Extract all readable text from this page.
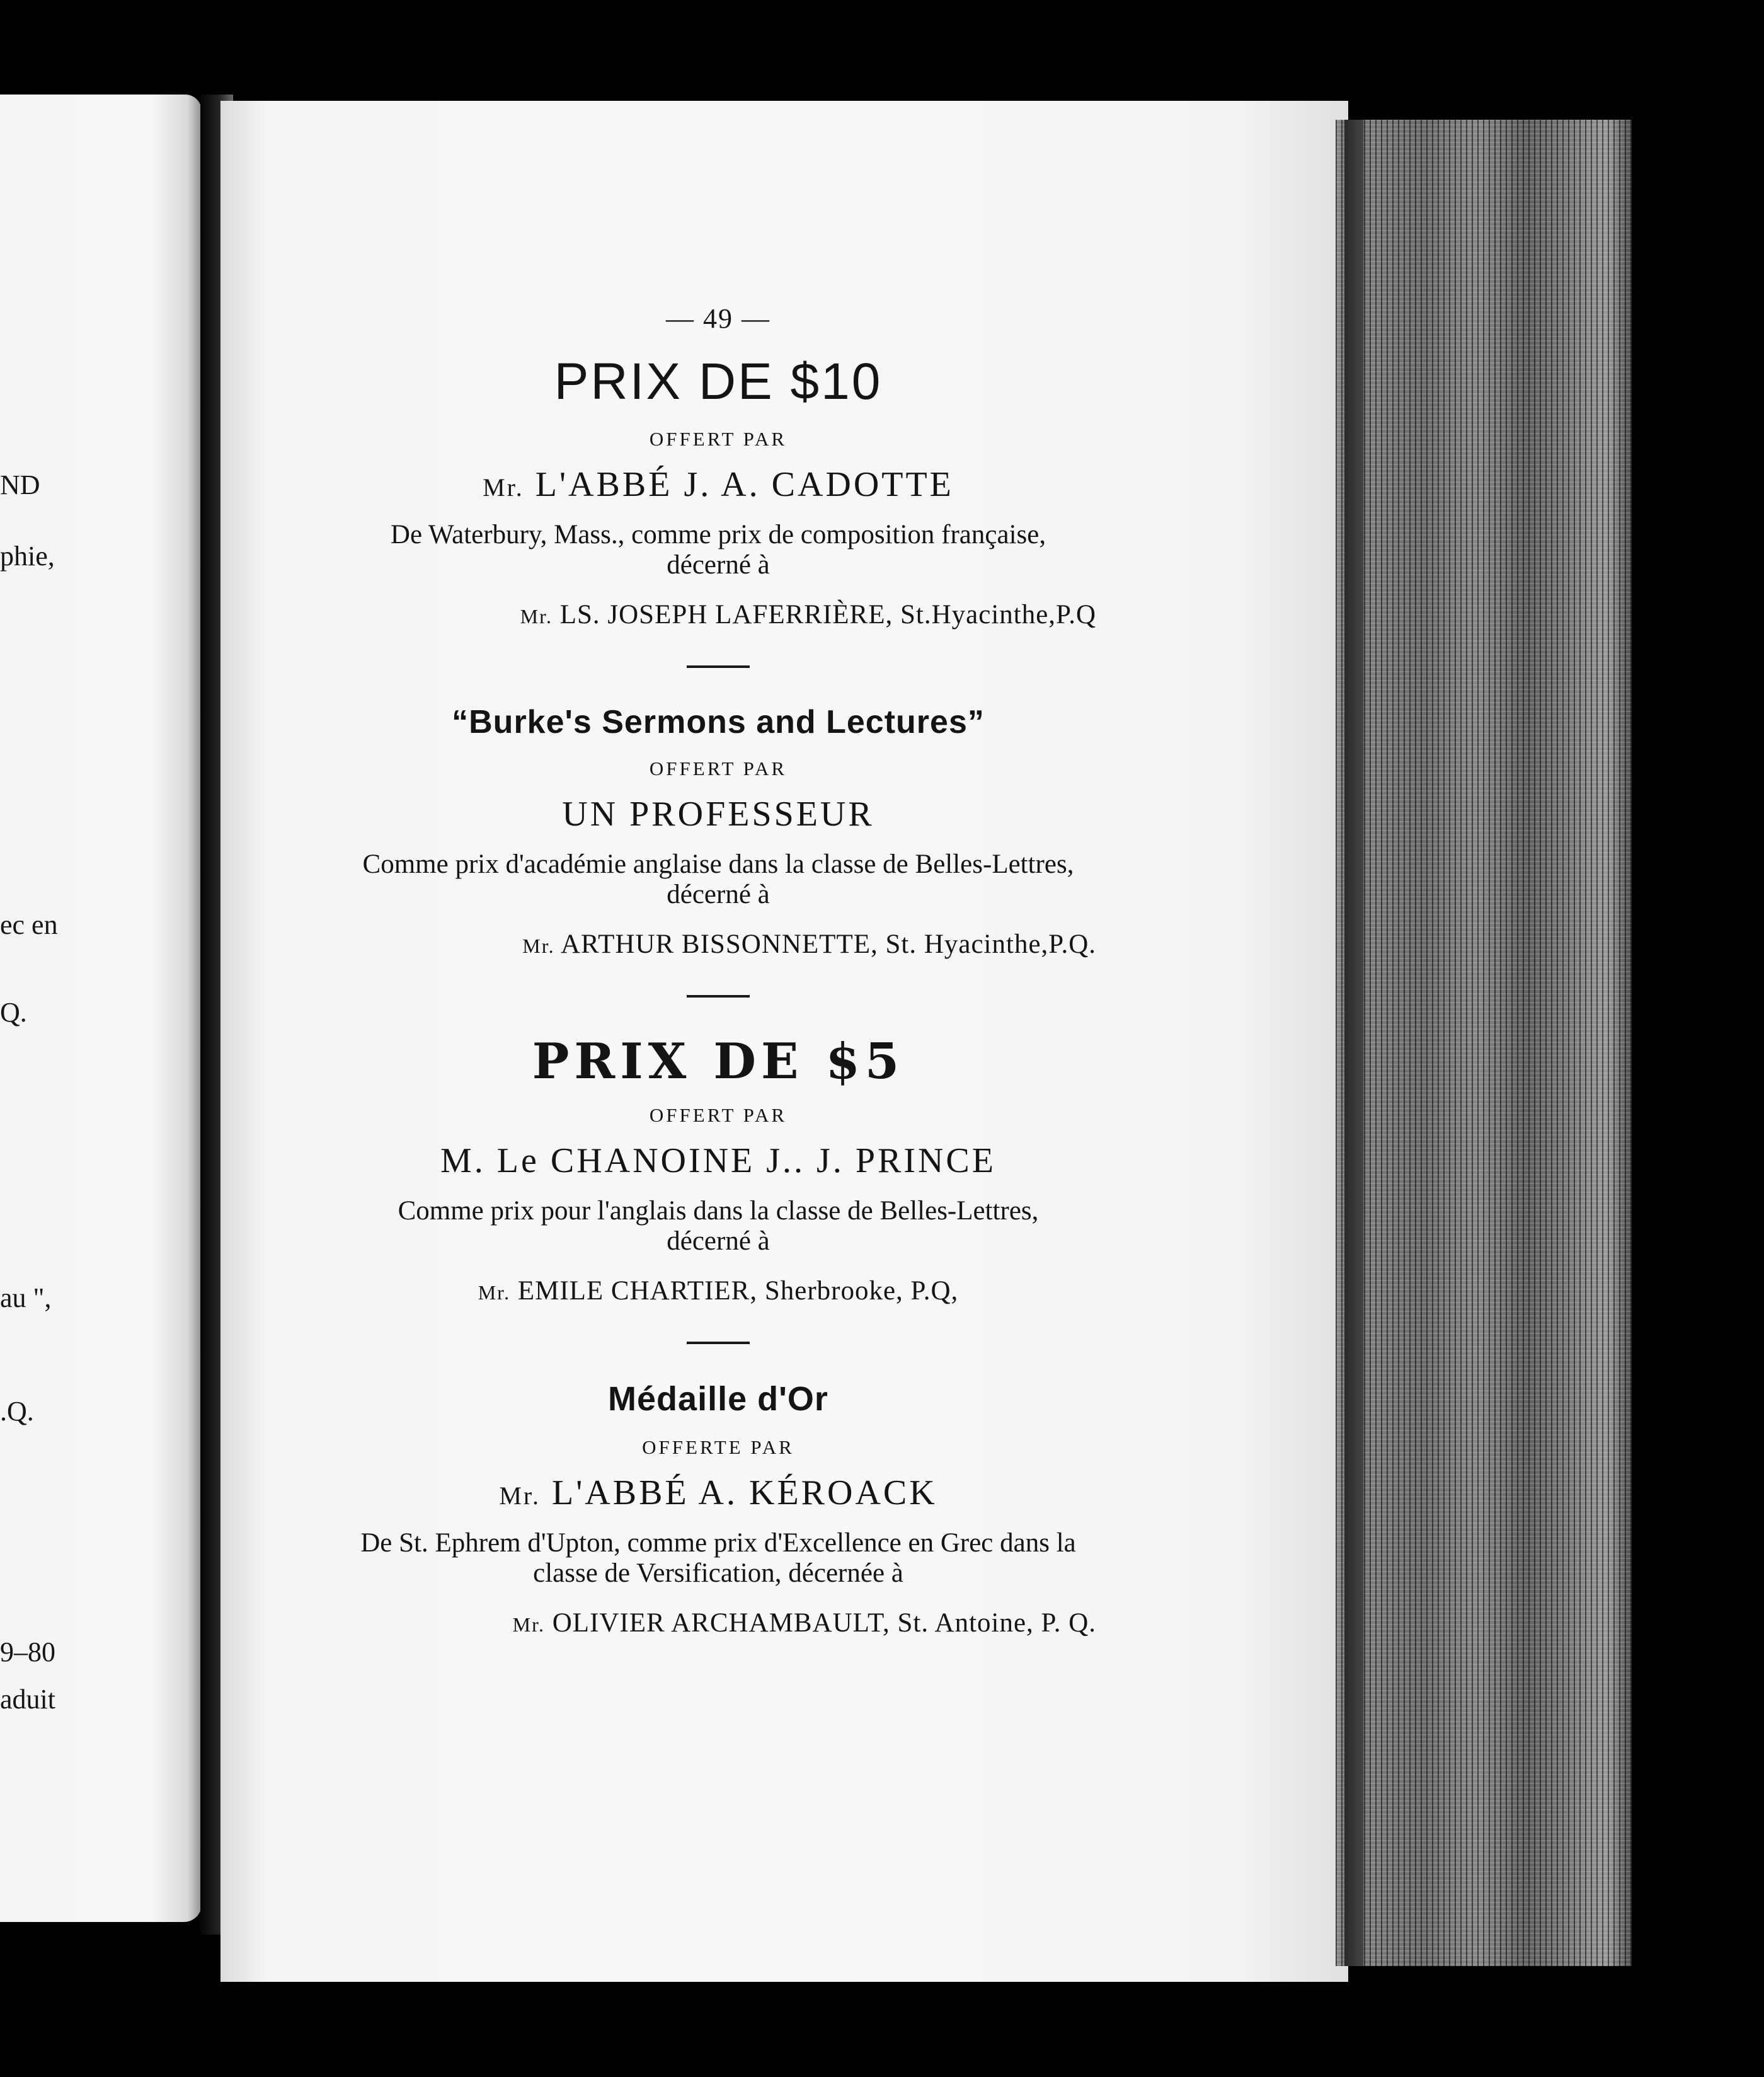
ND

phie,

ec en

Q.

au ",

.Q.

9–80

aduit

— 49 —

PRIX DE $10

OFFERT PAR

Mr. L'ABBÉ J. A. CADOTTE

De Waterbury, Mass., comme prix de composition française, décerné à

Mr. LS. JOSEPH LAFERRIÈRE, St.Hyacinthe,P.Q

“Burke's Sermons and Lectures”

OFFERT PAR

UN PROFESSEUR

Comme prix d'académie anglaise dans la classe de Belles-Lettres, décerné à

Mr. ARTHUR BISSONNETTE, St. Hyacinthe,P.Q.

PRIX DE $5

OFFERT PAR

M. Le CHANOINE J.. J. PRINCE

Comme prix pour l'anglais dans la classe de Belles-Lettres, décerné à

Mr. EMILE CHARTIER, Sherbrooke, P.Q,

Médaille d'Or

OFFERTE PAR

Mr. L'ABBÉ A. KÉROACK

De St. Ephrem d'Upton, comme prix d'Excellence en Grec dans la classe de Versification, décernée à

Mr. OLIVIER ARCHAMBAULT, St. Antoine, P. Q.
